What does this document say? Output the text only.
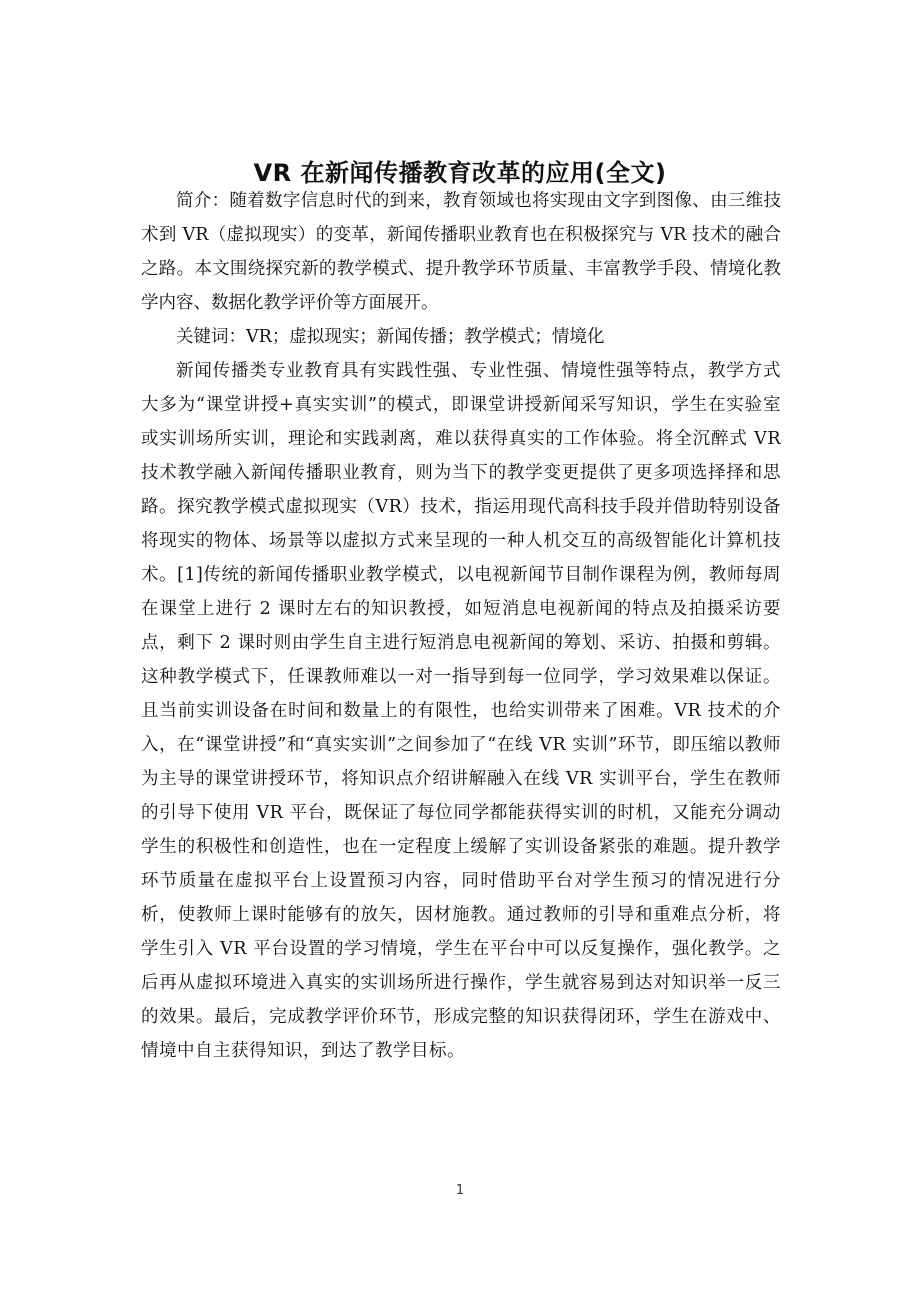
VR 在新闻传播教育改革的应用(全文)

简介：随着数字信息时代的到来，教育领域也将实现由文字到图像、由三维技术到 VR（虚拟现实）的变革，新闻传播职业教育也在积极探究与 VR 技术的融合之路。本文围绕探究新的教学模式、提升教学环节质量、丰富教学手段、情境化教学内容、数据化教学评价等方面展开。

关键词：VR；虚拟现实；新闻传播；教学模式；情境化

新闻传播类专业教育具有实践性强、专业性强、情境性强等特点，教学方式大多为“课堂讲授+真实实训”的模式，即课堂讲授新闻采写知识，学生在实验室或实训场所实训，理论和实践剥离，难以获得真实的工作体验。将全沉醉式 VR 技术教学融入新闻传播职业教育，则为当下的教学变更提供了更多项选择择和思路。探究教学模式虚拟现实（VR）技术，指运用现代高科技手段并借助特别设备将现实的物体、场景等以虚拟方式来呈现的一种人机交互的高级智能化计算机技术。[1]传统的新闻传播职业教学模式，以电视新闻节目制作课程为例，教师每周在课堂上进行 2 课时左右的知识教授，如短消息电视新闻的特点及拍摄采访要点，剩下 2 课时则由学生自主进行短消息电视新闻的筹划、采访、拍摄和剪辑。这种教学模式下，任课教师难以一对一指导到每一位同学，学习效果难以保证。且当前实训设备在时间和数量上的有限性，也给实训带来了困难。VR 技术的介入，在“课堂讲授”和“真实实训”之间参加了“在线 VR 实训”环节，即压缩以教师为主导的课堂讲授环节，将知识点介绍讲解融入在线 VR 实训平台，学生在教师的引导下使用 VR 平台，既保证了每位同学都能获得实训的时机，又能充分调动学生的积极性和创造性，也在一定程度上缓解了实训设备紧张的难题。提升教学环节质量在虚拟平台上设置预习内容，同时借助平台对学生预习的情况进行分析，使教师上课时能够有的放矢，因材施教。通过教师的引导和重难点分析，将学生引入 VR 平台设置的学习情境，学生在平台中可以反复操作，强化教学。之后再从虚拟环境进入真实的实训场所进行操作，学生就容易到达对知识举一反三的效果。最后，完成教学评价环节，形成完整的知识获得闭环，学生在游戏中、情境中自主获得知识，到达了教学目标。

1
